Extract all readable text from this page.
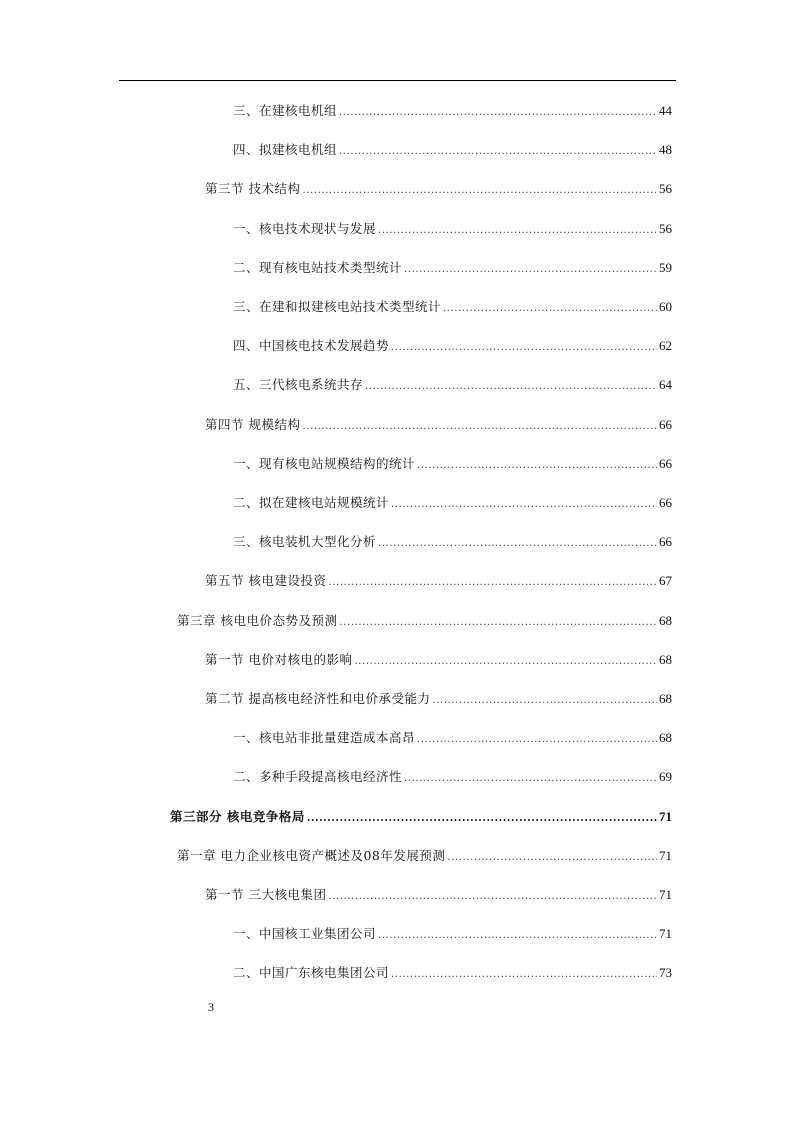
三、在建核电机组 .....	44
四、拟建核电机组 .....	48
第三节 技术结构 .....	56
一、核电技术现状与发展 .....	56
二、现有核电站技术类型统计 .....	59
三、在建和拟建核电站技术类型统计 .....	60
四、中国核电技术发展趋势 .....	62
五、三代核电系统共存 .....	64
第四节 规模结构 .....	66
一、现有核电站规模结构的统计 .....	66
二、拟在建核电站规模统计 .....	66
三、核电装机大型化分析 .....	66
第五节 核电建设投资 .....	67
第三章 核电电价态势及预测 .....	68
第一节 电价对核电的影响 .....	68
第二节 提高核电经济性和电价承受能力 .....	68
一、核电站非批量建造成本高昂 .....	68
二、多种手段提高核电经济性 .....	69
第三部分 核电竞争格局 .....	71
第一章 电力企业核电资产概述及08年发展预测 .....	71
第一节 三大核电集团 .....	71
一、中国核工业集团公司 .....	71
二、中国广东核电集团公司 .....	73
3
